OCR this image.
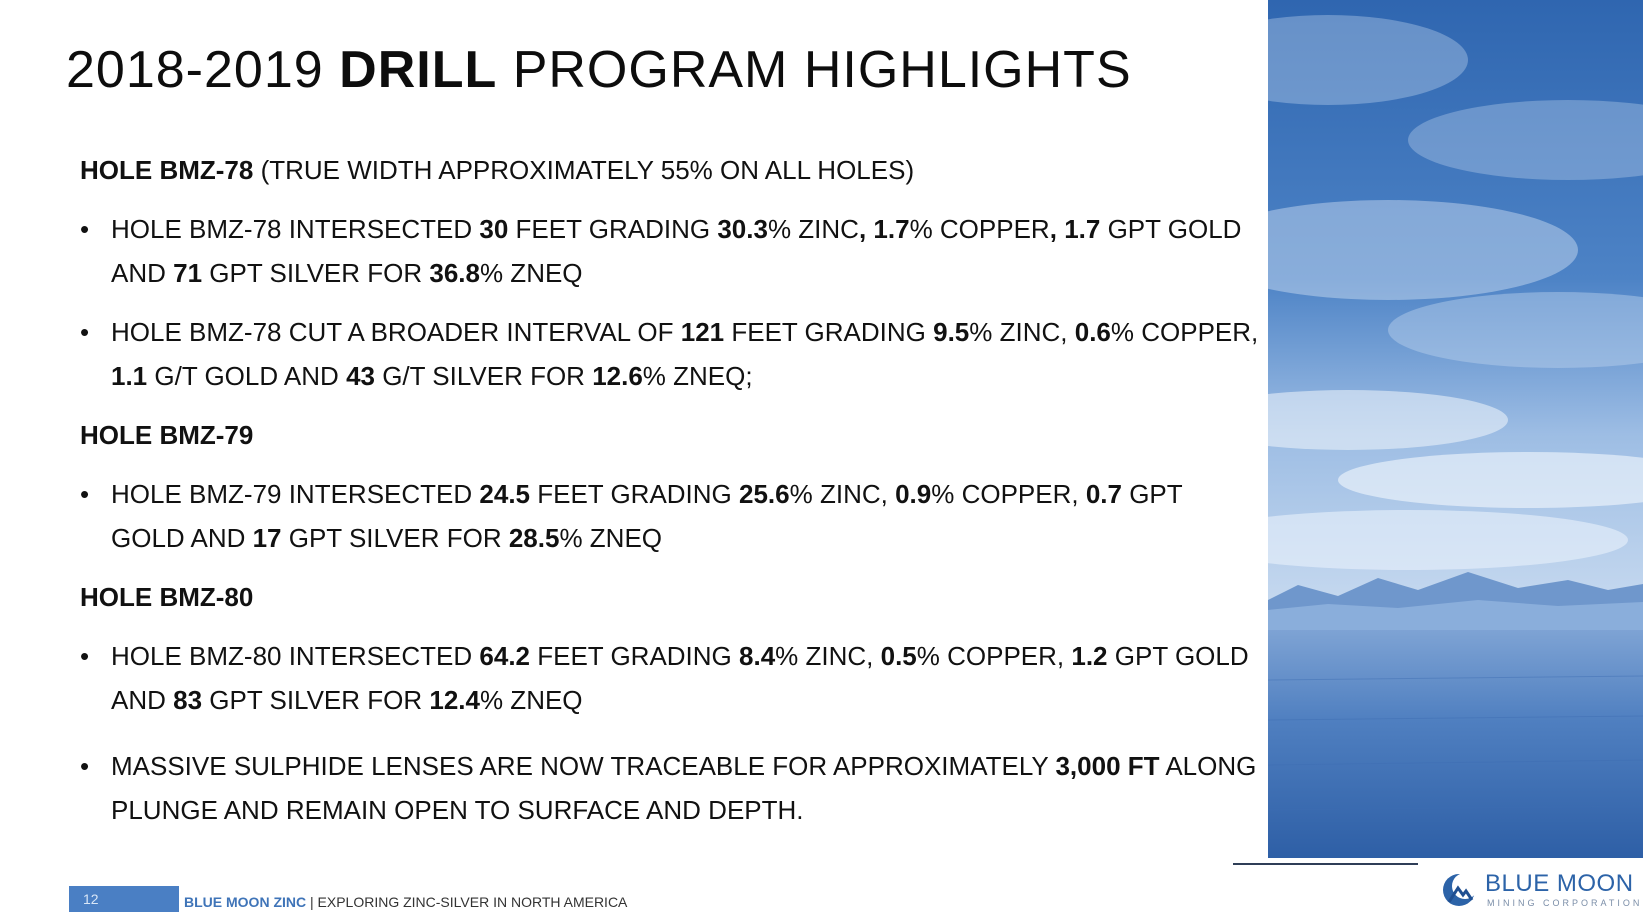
2018-2019 DRILL PROGRAM HIGHLIGHTS

HOLE BMZ-78 (TRUE WIDTH APPROXIMATELY 55% ON ALL HOLES)

• HOLE BMZ-78 INTERSECTED 30 FEET GRADING 30.3% ZINC, 1.7% COPPER, 1.7 GPT GOLD AND 71 GPT SILVER FOR 36.8% ZNEQ
• HOLE BMZ-78 CUT A BROADER INTERVAL OF 121 FEET GRADING 9.5% ZINC, 0.6% COPPER, 1.1 G/T GOLD AND 43 G/T SILVER FOR 12.6% ZNEQ;

HOLE BMZ-79

• HOLE BMZ-79 INTERSECTED 24.5 FEET GRADING 25.6% ZINC, 0.9% COPPER, 0.7 GPT GOLD AND 17 GPT SILVER FOR 28.5% ZNEQ

HOLE BMZ-80

• HOLE BMZ-80 INTERSECTED 64.2 FEET GRADING 8.4% ZINC, 0.5% COPPER, 1.2 GPT GOLD AND 83 GPT SILVER FOR 12.4% ZNEQ
• MASSIVE SULPHIDE LENSES ARE NOW TRACEABLE FOR APPROXIMATELY 3,000 FT ALONG PLUNGE AND REMAIN OPEN TO SURFACE AND DEPTH.
12	BLUE MOON ZINC | EXPLORING ZINC-SILVER IN NORTH AMERICA
BLUE MOON
MINING CORPORATION
